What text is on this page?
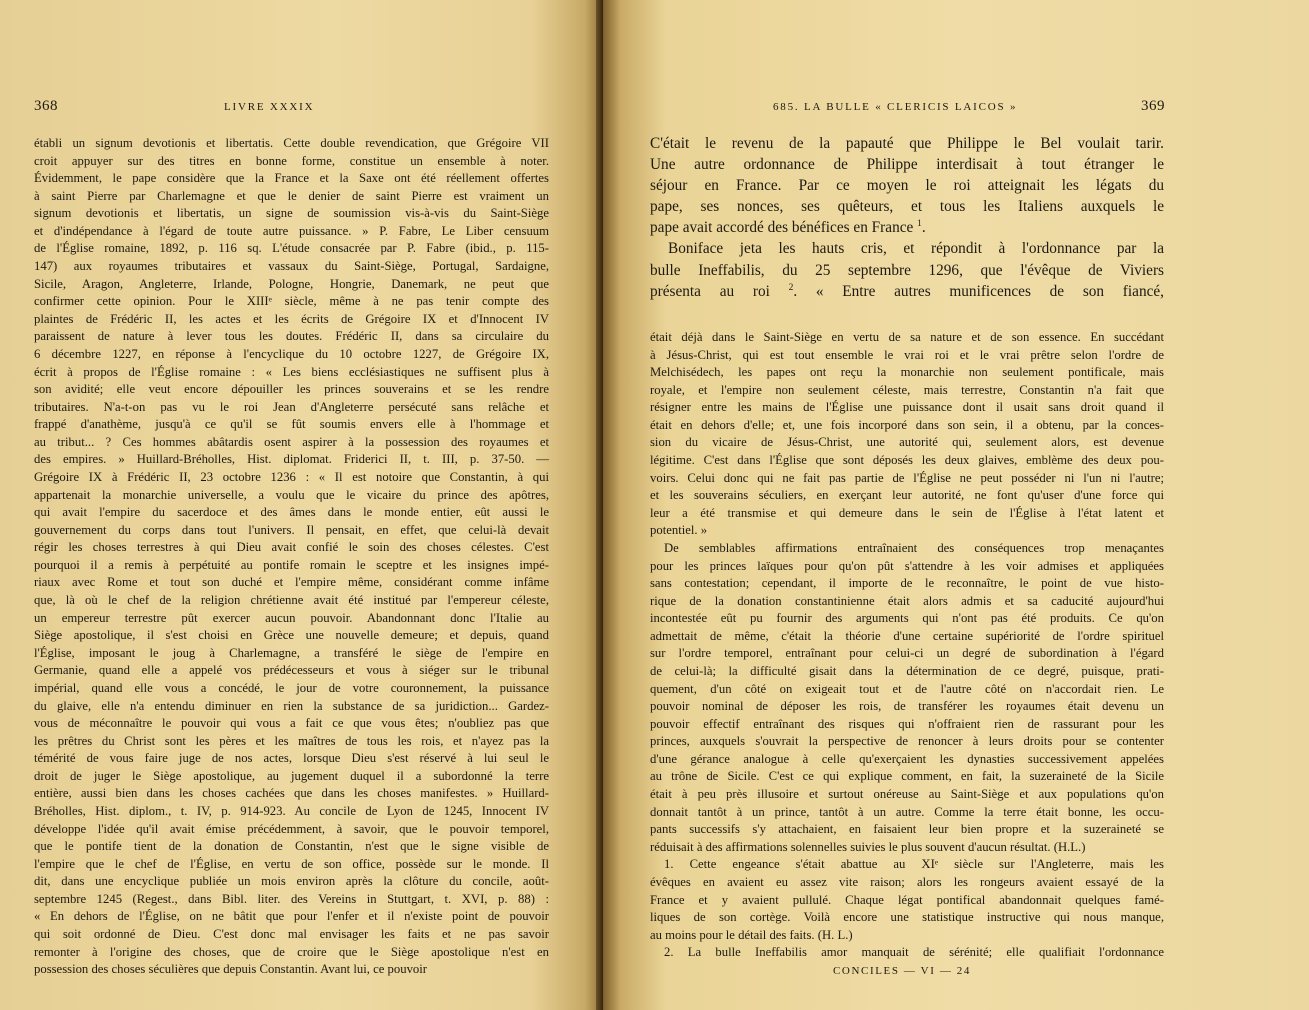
368	LIVRE XXXIX
établi un signum devotionis et libertatis. Cette double revendication, que Grégoire VII
croit appuyer sur des titres en bonne forme, constitue un ensemble à noter.
Évidemment, le pape considère que la France et la Saxe ont été réellement offertes
à saint Pierre par Charlemagne et que le denier de saint Pierre est vraiment un
signum devotionis et libertatis, un signe de soumission vis-à-vis du Saint-Siège
et d'indépendance à l'égard de toute autre puissance. » P. Fabre, Le Liber censuum
de l'Église romaine, 1892, p. 116 sq. L'étude consacrée par P. Fabre (ibid., p. 115-
147) aux royaumes tributaires et vassaux du Saint-Siège, Portugal, Sardaigne,
Sicile, Aragon, Angleterre, Irlande, Pologne, Hongrie, Danemark, ne peut que
confirmer cette opinion. Pour le XIIIᵉ siècle, même à ne pas tenir compte des
plaintes de Frédéric II, les actes et les écrits de Grégoire IX et d'Innocent IV
paraissent de nature à lever tous les doutes. Frédéric II, dans sa circulaire du
6 décembre 1227, en réponse à l'encyclique du 10 octobre 1227, de Grégoire IX,
écrit à propos de l'Église romaine : « Les biens ecclésiastiques ne suffisent plus à
son avidité; elle veut encore dépouiller les princes souverains et se les rendre
tributaires. N'a-t-on pas vu le roi Jean d'Angleterre persécuté sans relâche et
frappé d'anathème, jusqu'à ce qu'il se fût soumis envers elle à l'hommage et
au tribut... ? Ces hommes abâtardis osent aspirer à la possession des royaumes et
des empires. » Huillard-Bréholles, Hist. diplomat. Friderici II, t. III, p. 37-50. —
Grégoire IX à Frédéric II, 23 octobre 1236 : « Il est notoire que Constantin, à qui
appartenait la monarchie universelle, a voulu que le vicaire du prince des apôtres,
qui avait l'empire du sacerdoce et des âmes dans le monde entier, eût aussi le
gouvernement du corps dans tout l'univers. Il pensait, en effet, que celui-là devait
régir les choses terrestres à qui Dieu avait confié le soin des choses célestes. C'est
pourquoi il a remis à perpétuité au pontife romain le sceptre et les insignes impé-
riaux avec Rome et tout son duché et l'empire même, considérant comme infâme
que, là où le chef de la religion chrétienne avait été institué par l'empereur céleste,
un empereur terrestre pût exercer aucun pouvoir. Abandonnant donc l'Italie au
Siège apostolique, il s'est choisi en Grèce une nouvelle demeure; et depuis, quand
l'Église, imposant le joug à Charlemagne, a transféré le siège de l'empire en
Germanie, quand elle a appelé vos prédécesseurs et vous à siéger sur le tribunal
impérial, quand elle vous a concédé, le jour de votre couronnement, la puissance
du glaive, elle n'a entendu diminuer en rien la substance de sa juridiction... Gardez-
vous de méconnaître le pouvoir qui vous a fait ce que vous êtes; n'oubliez pas que
les prêtres du Christ sont les pères et les maîtres de tous les rois, et n'ayez pas la
témérité de vous faire juge de nos actes, lorsque Dieu s'est réservé à lui seul le
droit de juger le Siège apostolique, au jugement duquel il a subordonné la terre
entière, aussi bien dans les choses cachées que dans les choses manifestes. » Huillard-
Bréholles, Hist. diplom., t. IV, p. 914-923. Au concile de Lyon de 1245, Innocent IV
développe l'idée qu'il avait émise précédemment, à savoir, que le pouvoir temporel,
que le pontife tient de la donation de Constantin, n'est que le signe visible de
l'empire que le chef de l'Église, en vertu de son office, possède sur le monde. Il
dit, dans une encyclique publiée un mois environ après la clôture du concile, août-
septembre 1245 (Regest., dans Bibl. liter. des Vereins in Stuttgart, t. XVI, p. 88) :
« En dehors de l'Église, on ne bâtit que pour l'enfer et il n'existe point de pouvoir
qui soit ordonné de Dieu. C'est donc mal envisager les faits et ne pas savoir
remonter à l'origine des choses, que de croire que le Siège apostolique n'est en
possession des choses séculières que depuis Constantin. Avant lui, ce pouvoir
685. LA BULLE « CLERICIS LAICOS »	369
C'était le revenu de la papauté que Philippe le Bel voulait tarir.
Une autre ordonnance de Philippe interdisait à tout étranger le
séjour en France. Par ce moyen le roi atteignait les légats du
pape, ses nonces, ses quêteurs, et tous les Italiens auxquels le
pape avait accordé des bénéfices en France $^1$.
Boniface jeta les hauts cris, et répondit à l'ordonnance par la
bulle Ineffabilis, du 25 septembre 1296, que l'évêque de Viviers
présenta au roi $^2$. « Entre autres munificences de son fiancé,
était déjà dans le Saint-Siège en vertu de sa nature et de son essence. En succédant
à Jésus-Christ, qui est tout ensemble le vrai roi et le vrai prêtre selon l'ordre de
Melchisédech, les papes ont reçu la monarchie non seulement pontificale, mais
royale, et l'empire non seulement céleste, mais terrestre, Constantin n'a fait que
résigner entre les mains de l'Église une puissance dont il usait sans droit quand il
était en dehors d'elle; et, une fois incorporé dans son sein, il a obtenu, par la conces-
sion du vicaire de Jésus-Christ, une autorité qui, seulement alors, est devenue
légitime. C'est dans l'Église que sont déposés les deux glaives, emblème des deux pou-
voirs. Celui donc qui ne fait pas partie de l'Église ne peut posséder ni l'un ni l'autre;
et les souverains séculiers, en exerçant leur autorité, ne font qu'user d'une force qui
leur a été transmise et qui demeure dans le sein de l'Église à l'état latent et
potentiel. »
De semblables affirmations entraînaient des conséquences trop menaçantes
pour les princes laïques pour qu'on pût s'attendre à les voir admises et appliquées
sans contestation; cependant, il importe de le reconnaître, le point de vue histo-
rique de la donation constantinienne était alors admis et sa caducité aujourd'hui
incontestée eût pu fournir des arguments qui n'ont pas été produits. Ce qu'on
admettait de même, c'était la théorie d'une certaine supériorité de l'ordre spirituel
sur l'ordre temporel, entraînant pour celui-ci un degré de subordination à l'égard
de celui-là; la difficulté gisait dans la détermination de ce degré, puisque, prati-
quement, d'un côté on exigeait tout et de l'autre côté on n'accordait rien. Le
pouvoir nominal de déposer les rois, de transférer les royaumes était devenu un
pouvoir effectif entraînant des risques qui n'offraient rien de rassurant pour les
princes, auxquels s'ouvrait la perspective de renoncer à leurs droits pour se contenter
d'une gérance analogue à celle qu'exerçaient les dynasties successivement appelées
au trône de Sicile. C'est ce qui explique comment, en fait, la suzeraineté de la Sicile
était à peu près illusoire et surtout onéreuse au Saint-Siège et aux populations qu'on
donnait tantôt à un prince, tantôt à un autre. Comme la terre était bonne, les occu-
pants successifs s'y attachaient, en faisaient leur bien propre et la suzeraineté se
réduisait à des affirmations solennelles suivies le plus souvent d'aucun résultat. (H.L.)
1. Cette engeance s'était abattue au XIᵉ siècle sur l'Angleterre, mais les
évêques en avaient eu assez vite raison; alors les rongeurs avaient essayé de la
France et y avaient pullulé. Chaque légat pontifical abandonnait quelques famé-
liques de son cortège. Voilà encore une statistique instructive qui nous manque,
au moins pour le détail des faits. (H. L.)
2. La bulle Ineffabilis amor manquait de sérénité; elle qualifiait l'ordonnance
CONCILES — VI — 24
